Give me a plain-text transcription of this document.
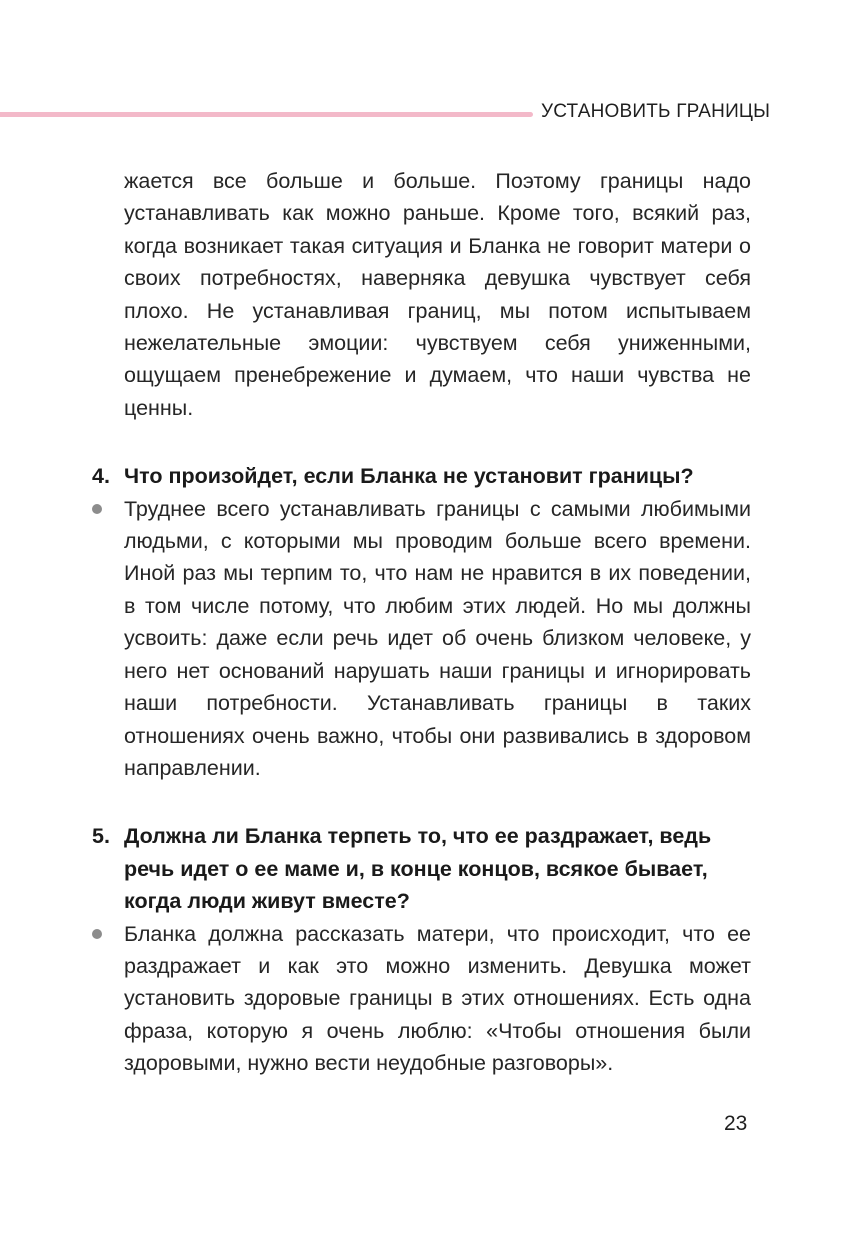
УСТАНОВИТЬ ГРАНИЦЫ

жается все больше и больше. Поэтому границы надо устанавливать как можно раньше. Кроме того, всякий раз, когда возникает такая ситуация и Бланка не говорит матери о своих потребностях, наверняка девушка чувствует себя плохо. Не устанавливая границ, мы потом испытываем нежелательные эмоции: чувствуем себя униженными, ощущаем пренебрежение и думаем, что наши чувства не ценны.

4. Что произойдет, если Бланка не установит границы?
Труднее всего устанавливать границы с самыми любимыми людьми, с которыми мы проводим больше всего времени. Иной раз мы терпим то, что нам не нравится в их поведении, в том числе потому, что любим этих людей. Но мы должны усвоить: даже если речь идет об очень близком человеке, у него нет оснований нарушать наши границы и игнорировать наши потребности. Устанавливать границы в таких отношениях очень важно, чтобы они развивались в здоровом направлении.
5. Должна ли Бланка терпеть то, что ее раздражает, ведь речь идет о ее маме и, в конце концов, всякое бывает, когда люди живут вместе?
Бланка должна рассказать матери, что происходит, что ее раздражает и как это можно изменить. Девушка может установить здоровые границы в этих отношениях. Есть одна фраза, которую я очень люблю: «Чтобы отношения были здоровыми, нужно вести неудобные разговоры».
23
